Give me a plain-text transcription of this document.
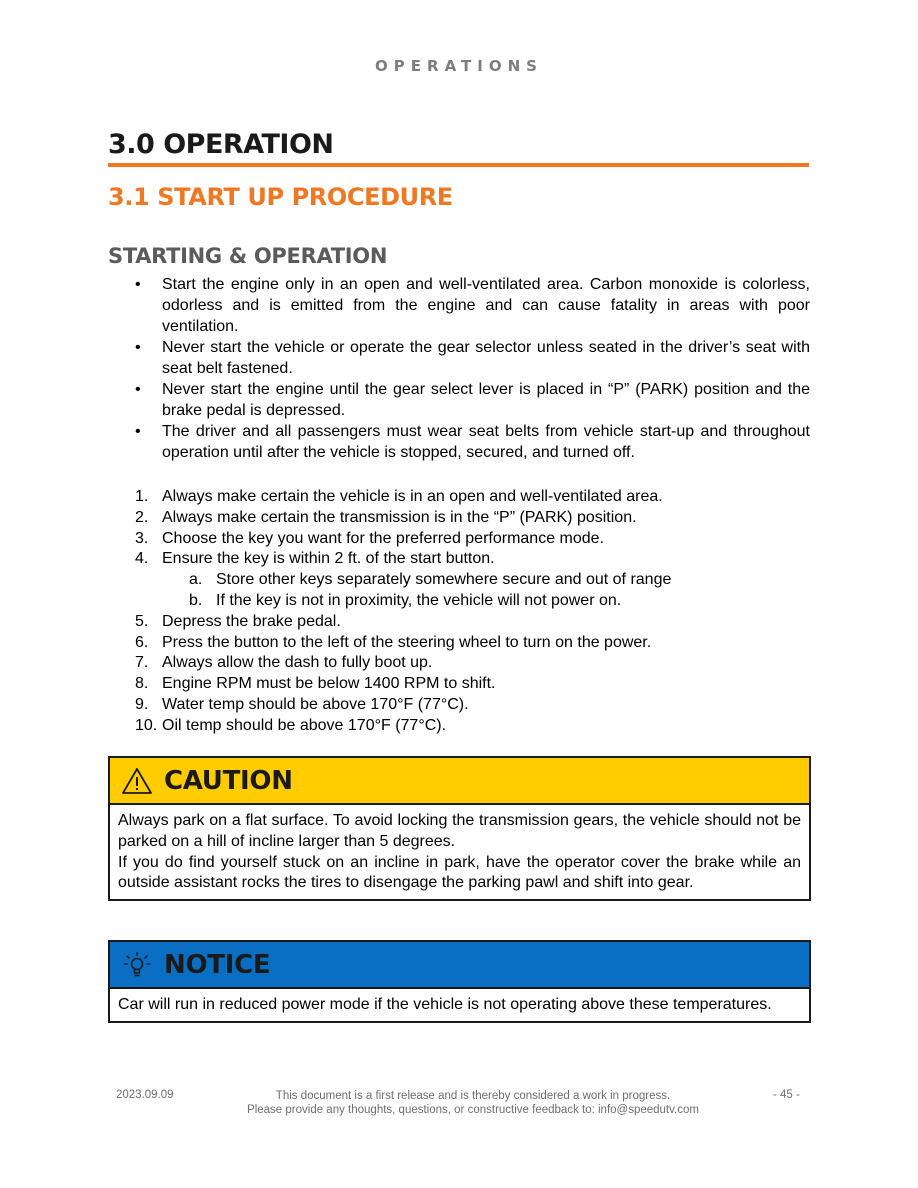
OPERATIONS
3.0 OPERATION
3.1 START UP PROCEDURE
STARTING & OPERATION
•	Start the engine only in an open and well-ventilated area. Carbon monoxide is colorless, odorless and is emitted from the engine and can cause fatality in areas with poor ventilation.
•	Never start the vehicle or operate the gear selector unless seated in the driver’s seat with seat belt fastened.
•	Never start the engine until the gear select lever is placed in “P” (PARK) position and the brake pedal is depressed.
•	The driver and all passengers must wear seat belts from vehicle start-up and throughout operation until after the vehicle is stopped, secured, and turned off.
1. Always make certain the vehicle is in an open and well-ventilated area.
2. Always make certain the transmission is in the “P” (PARK) position.
3. Choose the key you want for the preferred performance mode.
4. Ensure the key is within 2 ft. of the start button.
a. Store other keys separately somewhere secure and out of range
b. If the key is not in proximity, the vehicle will not power on.
5. Depress the brake pedal.
6. Press the button to the left of the steering wheel to turn on the power.
7. Always allow the dash to fully boot up.
8. Engine RPM must be below 1400 RPM to shift.
9. Water temp should be above 170°F (77°C).
10. Oil temp should be above 170°F (77°C).
CAUTION
Always park on a flat surface. To avoid locking the transmission gears, the vehicle should not be parked on a hill of incline larger than 5 degrees.
If you do find yourself stuck on an incline in park, have the operator cover the brake while an outside assistant rocks the tires to disengage the parking pawl and shift into gear.
NOTICE
Car will run in reduced power mode if the vehicle is not operating above these temperatures.
2023.09.09	This document is a first release and is thereby considered a work in progress.
Please provide any thoughts, questions, or constructive feedback to: info@speedutv.com
- 45 -
